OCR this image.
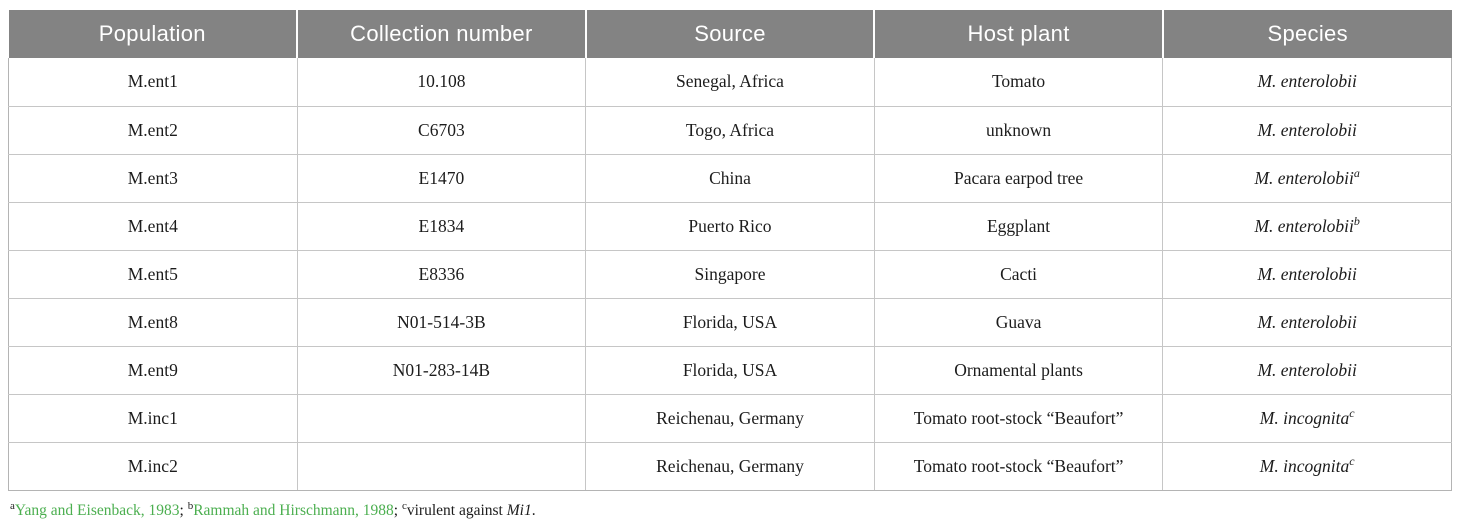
Population	Collection number	Source	Host plant	Species
M.ent1	10.108	Senegal, Africa	Tomato	M. enterolobii
M.ent2	C6703	Togo, Africa	unknown	M. enterolobii
M.ent3	E1470	China	Pacara earpod tree	M. enterolobii$^a$
M.ent4	E1834	Puerto Rico	Eggplant	M. enterolobii$^b$
M.ent5	E8336	Singapore	Cacti	M. enterolobii
M.ent8	N01-514-3B	Florida, USA	Guava	M. enterolobii
M.ent9	N01-283-14B	Florida, USA	Ornamental plants	M. enterolobii
M.inc1		Reichenau, Germany	Tomato root-stock “Beaufort”	M. incognita$^c$
M.inc2		Reichenau, Germany	Tomato root-stock “Beaufort”	M. incognita$^c$

$^a$Yang and Eisenback, 1983; $^b$Rammah and Hirschmann, 1988; $^c$virulent against Mi1.
